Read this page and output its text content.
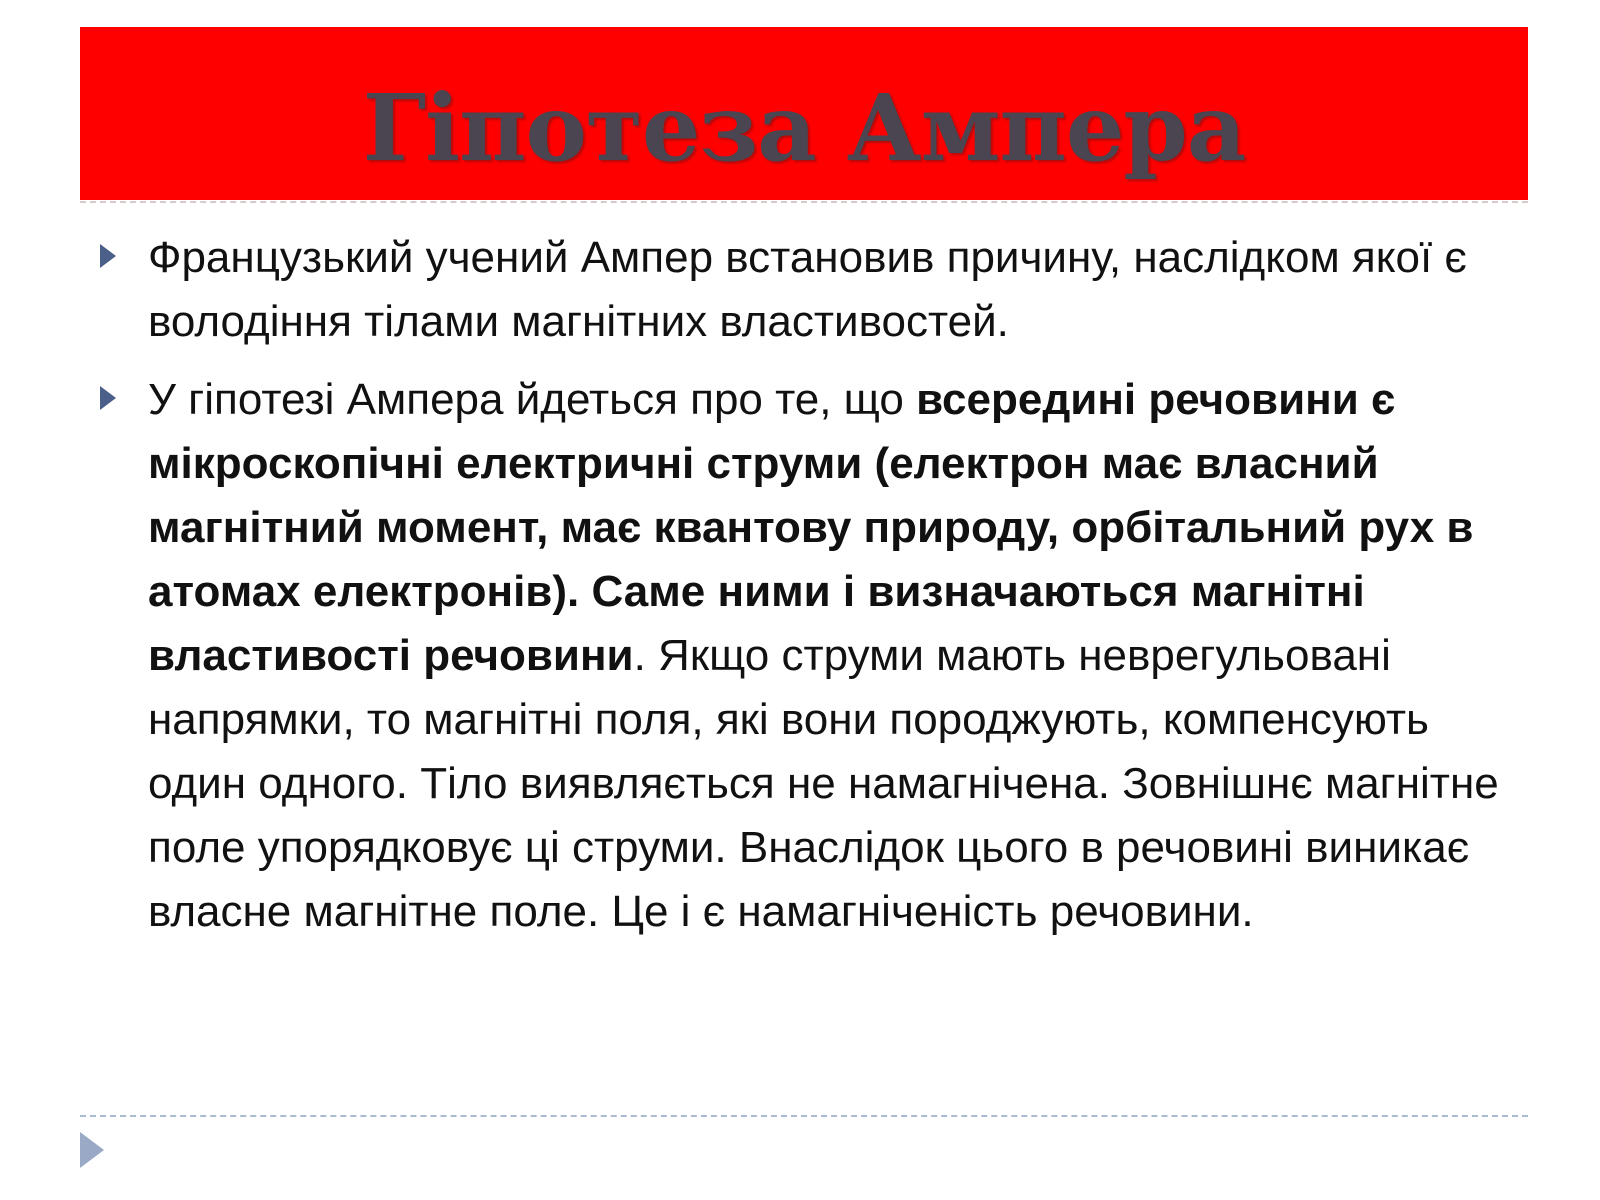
Гіпотеза Ампера

Французький учений Ампер встановив причину, наслідком якої є володіння тілами магнітних властивостей.

У гіпотезі Ампера йдеться про те, що всередині речовини є мікроскопічні електричні струми (електрон має власний магнітний момент, має квантову природу, орбітальний рух в атомах електронів). Саме ними і визначаються магнітні властивості речовини. Якщо струми мають неврегульовані напрямки, то магнітні поля, які вони породжують, компенсують один одного. Тіло виявляється не намагнічена. Зовнішнє магнітне поле упорядковує ці струми. Внаслідок цього в речовині виникає власне магнітне поле. Це і є намагніченість речовини.
